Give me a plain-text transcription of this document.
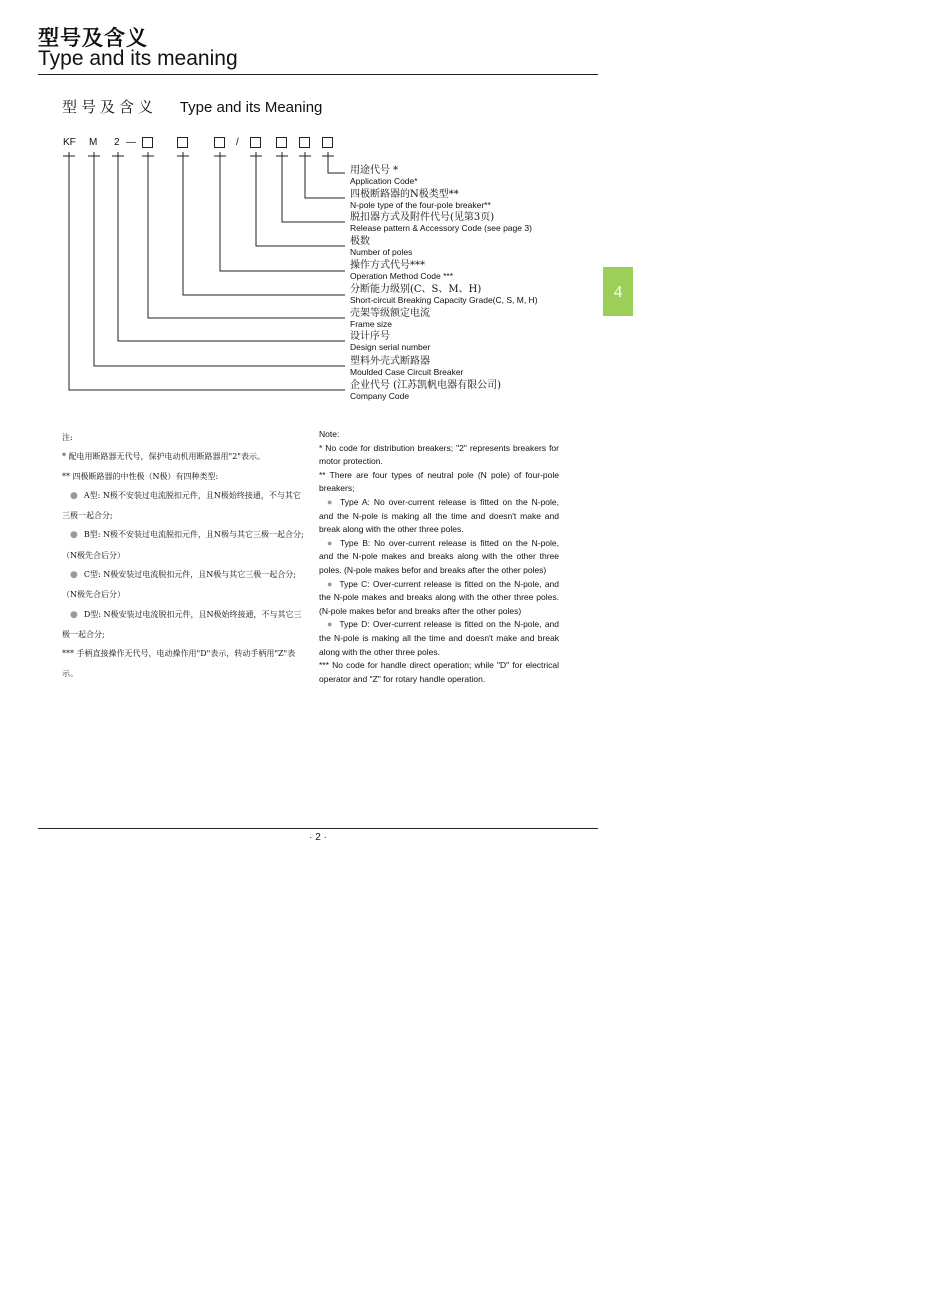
型号及含义
Type and its meaning
型号及含义 Type and its Meaning
KF M 2 —	/
用途代号 *
Application Code*
四极断路器的N极类型**
N-pole type of the four-pole breaker**
脱扣器方式及附件代号(见第3页)
Release pattern & Accessory Code (see page 3)
极数
Number of poles
操作方式代号***
Operation Method Code ***
分断能力级别(C、S、M、H)
Short-circuit Breaking Capacity Grade(C, S, M, H)
壳架等级额定电流
Frame size
设计序号
Design serial number
塑料外壳式断路器
Moulded Case Circuit Breaker
企业代号 (江苏凯帆电器有限公司)
Company Code

注:

* 配电用断路器无代号，保护电动机用断路器用"2"表示。

** 四极断路器的中性极（N极）有四种类型:

● A型: N极不安装过电流脱扣元件，且N极始终接通，不与其它三极一起合分;

● B型: N极不安装过电流脱扣元件，且N极与其它三极一起合分; （N极先合后分）

● C型: N极安装过电流脱扣元件，且N极与其它三极一起合分; （N极先合后分）

● D型: N极安装过电流脱扣元件，且N极始终接通，不与其它三极一起合分;

*** 手柄直接操作无代号，电动操作用"D"表示，转动手柄用"Z"表示。

Note:

* No code for distribution breakers; "2" represents breakers for motor protection.

** There are four types of neutral pole (N pole) of four-pole breakers;

● Type A: No over-current release is fitted on the N-pole, and the N-pole is making all the time and doesn't make and break along with the other three poles.

● Type B: No over-current release is fitted on the N-pole, and the N-pole makes and breaks along with the other three poles. (N-pole makes befor and breaks after the other poles)

● Type C: Over-current release is fitted on the N-pole, and the N-pole makes and breaks along with the other three poles. (N-pole makes befor and breaks after the other poles)

● Type D: Over-current release is fitted on the N-pole, and the N-pole is making all the time and doesn't make and break along with the other three poles.

*** No code for handle direct operation; while "D" for electrical operator and "Z" for rotary handle operation.

· 2 ·
4
